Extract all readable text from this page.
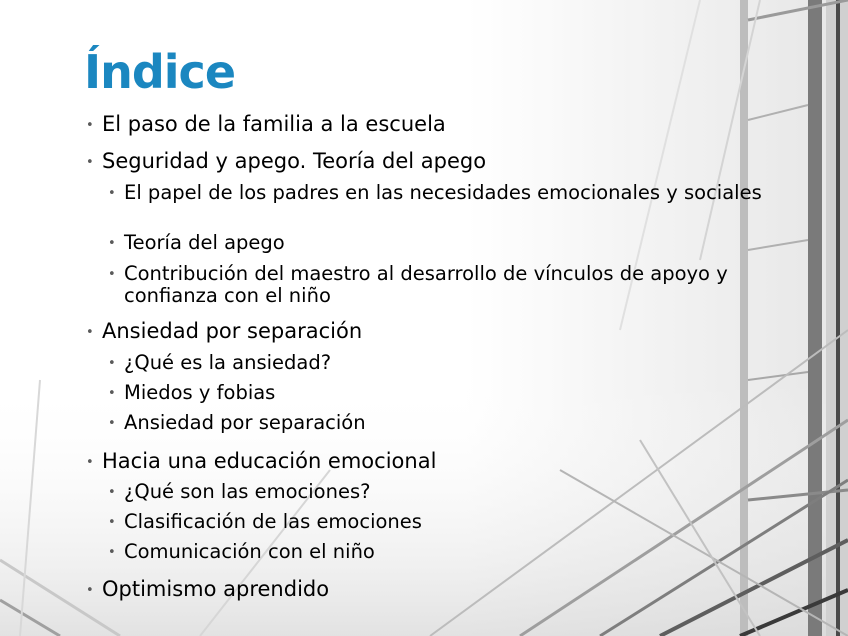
Índice
• El paso de la familia a la escuela
• Seguridad y apego. Teoría del apego
• El papel de los padres en las necesidades emocionales y sociales
• Teoría del apego
• Contribución del maestro al desarrollo de vínculos de apoyo y confianza con el niño
• Ansiedad por separación
• ¿Qué es la ansiedad?
• Miedos y fobias
• Ansiedad por separación
• Hacia una educación emocional
• ¿Qué son las emociones?
• Clasificación de las emociones
• Comunicación con el niño
• Optimismo aprendido
